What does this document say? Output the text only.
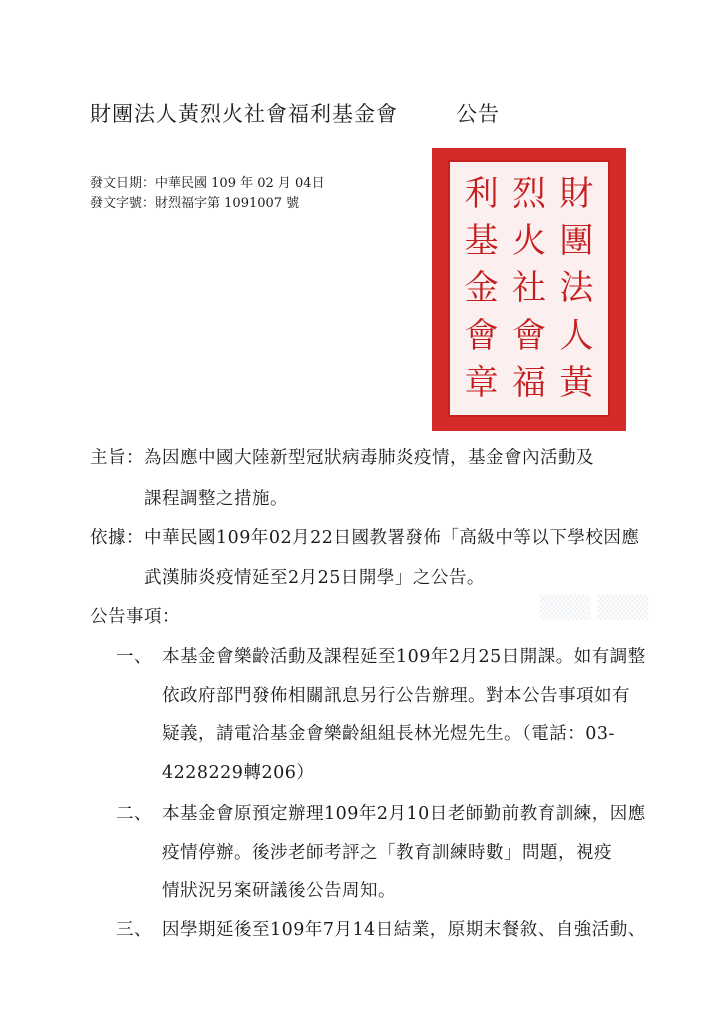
財團法人黃烈火社會福利基金會	公告
發文日期：中華民國 109 年 02 月 04日
發文字號：財烈福字第 1091007 號	財
烈
利
團
火
基
法
社
金
人
會
會
黃
福
章
主旨：為因應中國大陸新型冠狀病毒肺炎疫情，基金會內活動及
課程調整之措施。
依據：中華民國109年02月22日國教署發佈「高級中等以下學校因應
武漢肺炎疫情延至2月25日開學」之公告。
公告事項：	▒▒▒ ▒▒▒
一、 本基金會樂齡活動及課程延至109年2月25日開課。如有調整
依政府部門發佈相關訊息另行公告辦理。對本公告事項如有
疑義，請電洽基金會樂齡組組長林光煜先生。（電話：03-
4228229轉206）
二、 本基金會原預定辦理109年2月10日老師勤前教育訓練，因應
疫情停辦。後涉老師考評之「教育訓練時數」問題，視疫
情狀況另案研議後公告周知。
三、 因學期延後至109年7月14日結業，原期末餐敘、自強活動、
